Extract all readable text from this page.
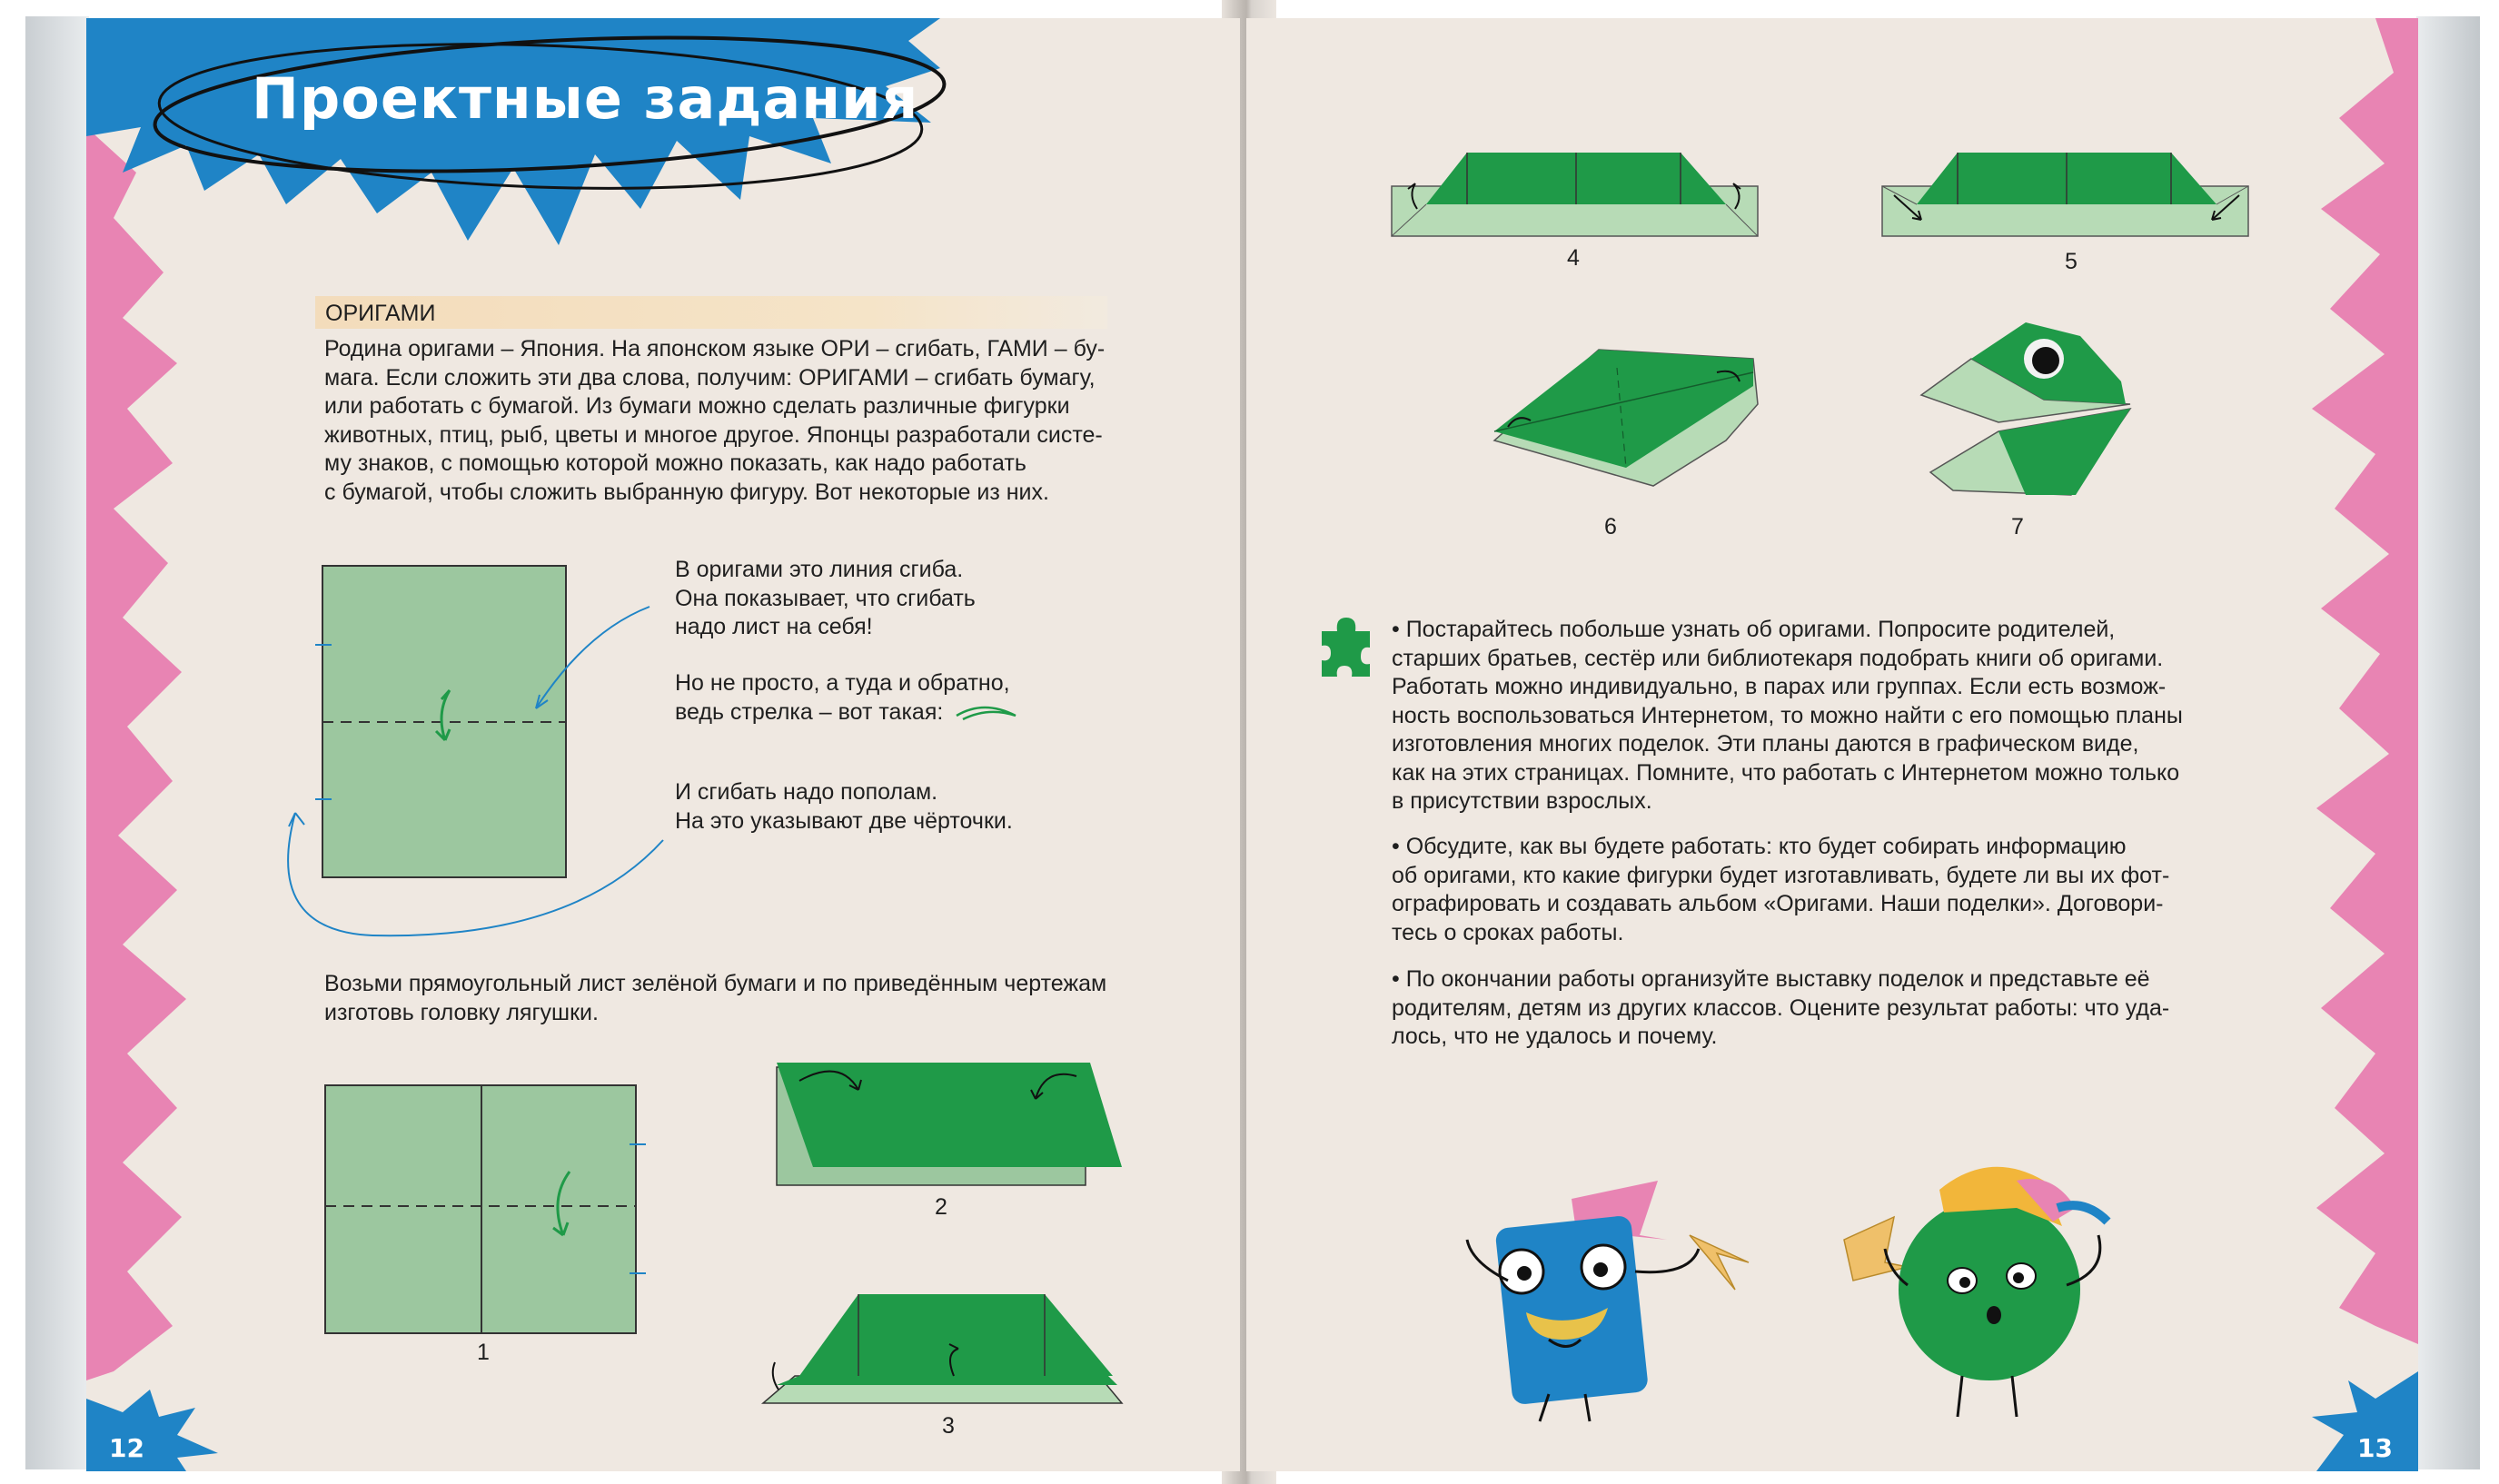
Проектные задания
12
ОРИГАМИ
Родина оригами – Япония. На японском языке ОРИ – сгибать, ГАМИ – бу-
мага. Если сложить эти два слова, получим: ОРИГАМИ – сгибать бумагу,
или работать с бумагой. Из бумаги можно сделать различные фигурки
животных, птиц, рыб, цветы и многое другое. Японцы разработали систе-
му знаков, с помощью которой можно показать, как надо работать
с бумагой, чтобы сложить выбранную фигуру. Вот некоторые из них.
В оригами это линия сгиба.
Она показывает, что сгибать
надо лист на себя!
Но не просто, а туда и обратно,
ведь стрелка – вот такая:
И сгибать надо пополам.
На это указывают две чёрточки.
Возьми прямоугольный лист зелёной бумаги и по приведённым чертежам
изготовь головку лягушки.
1
2
3
13
4	5
6	7
• Постарайтесь побольше узнать об оригами. Попросите родителей,
старших братьев, сестёр или библиотекаря подобрать книги об оригами.
Работать можно индивидуально, в парах или группах. Если есть возмож-
ность воспользоваться Интернетом, то можно найти с его помощью планы
изготовления многих поделок. Эти планы даются в графическом виде,
как на этих страницах. Помните, что работать с Интернетом можно только
в присутствии взрослых.
• Обсудите, как вы будете работать: кто будет собирать информацию
об оригами, кто какие фигурки будет изготавливать, будете ли вы их фот-
ографировать и создавать альбом «Оригами. Наши поделки». Договори-
тесь о сроках работы.
• По окончании работы организуйте выставку поделок и представьте её
родителям, детям из других классов. Оцените результат работы: что уда-
лось, что не удалось и почему.
